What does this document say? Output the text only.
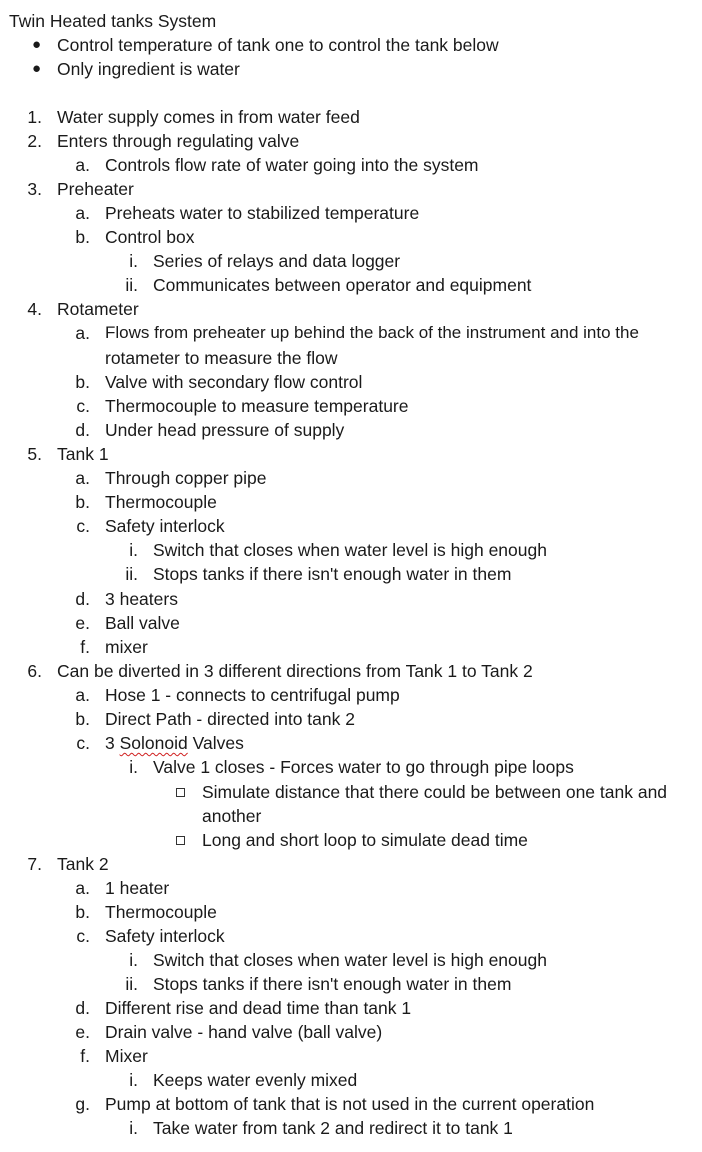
Twin Heated tanks System
● Control temperature of tank one to control the tank below
● Only ingredient is water
1. Water supply comes in from water feed
2. Enters through regulating valve
a. Controls flow rate of water going into the system
3. Preheater
a. Preheats water to stabilized temperature
b. Control box
i. Series of relays and data logger
ii. Communicates between operator and equipment
4. Rotameter
a. Flows from preheater up behind the back of the instrument and into the
rotameter to measure the flow
b. Valve with secondary flow control
c. Thermocouple to measure temperature
d. Under head pressure of supply
5. Tank 1
a. Through copper pipe
b. Thermocouple
c. Safety interlock
i. Switch that closes when water level is high enough
ii. Stops tanks if there isn't enough water in them
d. 3 heaters
e. Ball valve
f. mixer
6. Can be diverted in 3 different directions from Tank 1 to Tank 2
a. Hose 1 - connects to centrifugal pump
b. Direct Path - directed into tank 2
c. 3 Solonoid Valves
i. Valve 1 closes - Forces water to go through pipe loops
Simulate distance that there could be between one tank and
another
Long and short loop to simulate dead time
7. Tank 2
a. 1 heater
b. Thermocouple
c. Safety interlock
i. Switch that closes when water level is high enough
ii. Stops tanks if there isn't enough water in them
d. Different rise and dead time than tank 1
e. Drain valve - hand valve (ball valve)
f. Mixer
i. Keeps water evenly mixed
g. Pump at bottom of tank that is not used in the current operation
i. Take water from tank 2 and redirect it to tank 1
